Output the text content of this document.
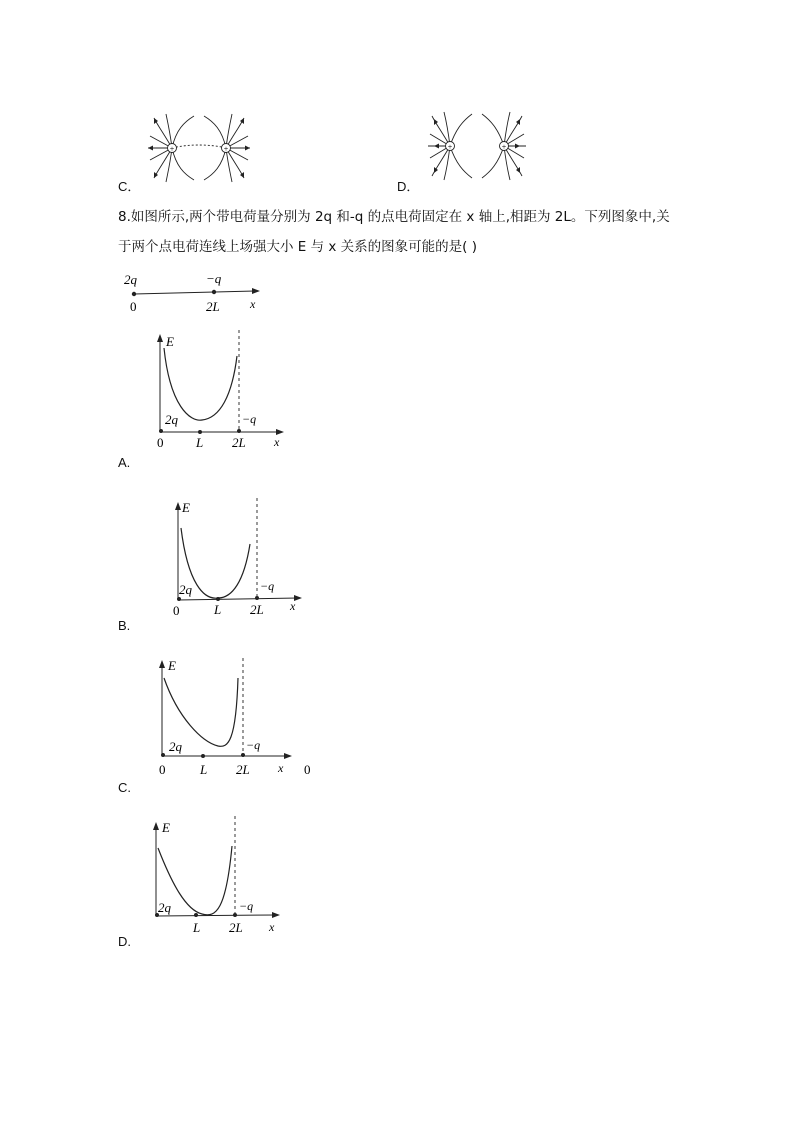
+	+
C．
+	+
D．
8.如图所示,两个带电荷量分别为 2q 和-q 的点电荷固定在 x 轴上,相距为 2L。下列图象中,关
于两个点电荷连线上场强大小 E 与 x 关系的图象可能的是( )
2q	−q
0	2L	x
E
2q	−q
0	L 2L x
A.
E
2q	−q
0	L 2L x
B.
E
2q	−q
0	L 2L x 0
C.
E
2q	−q
L 2L x
D.
